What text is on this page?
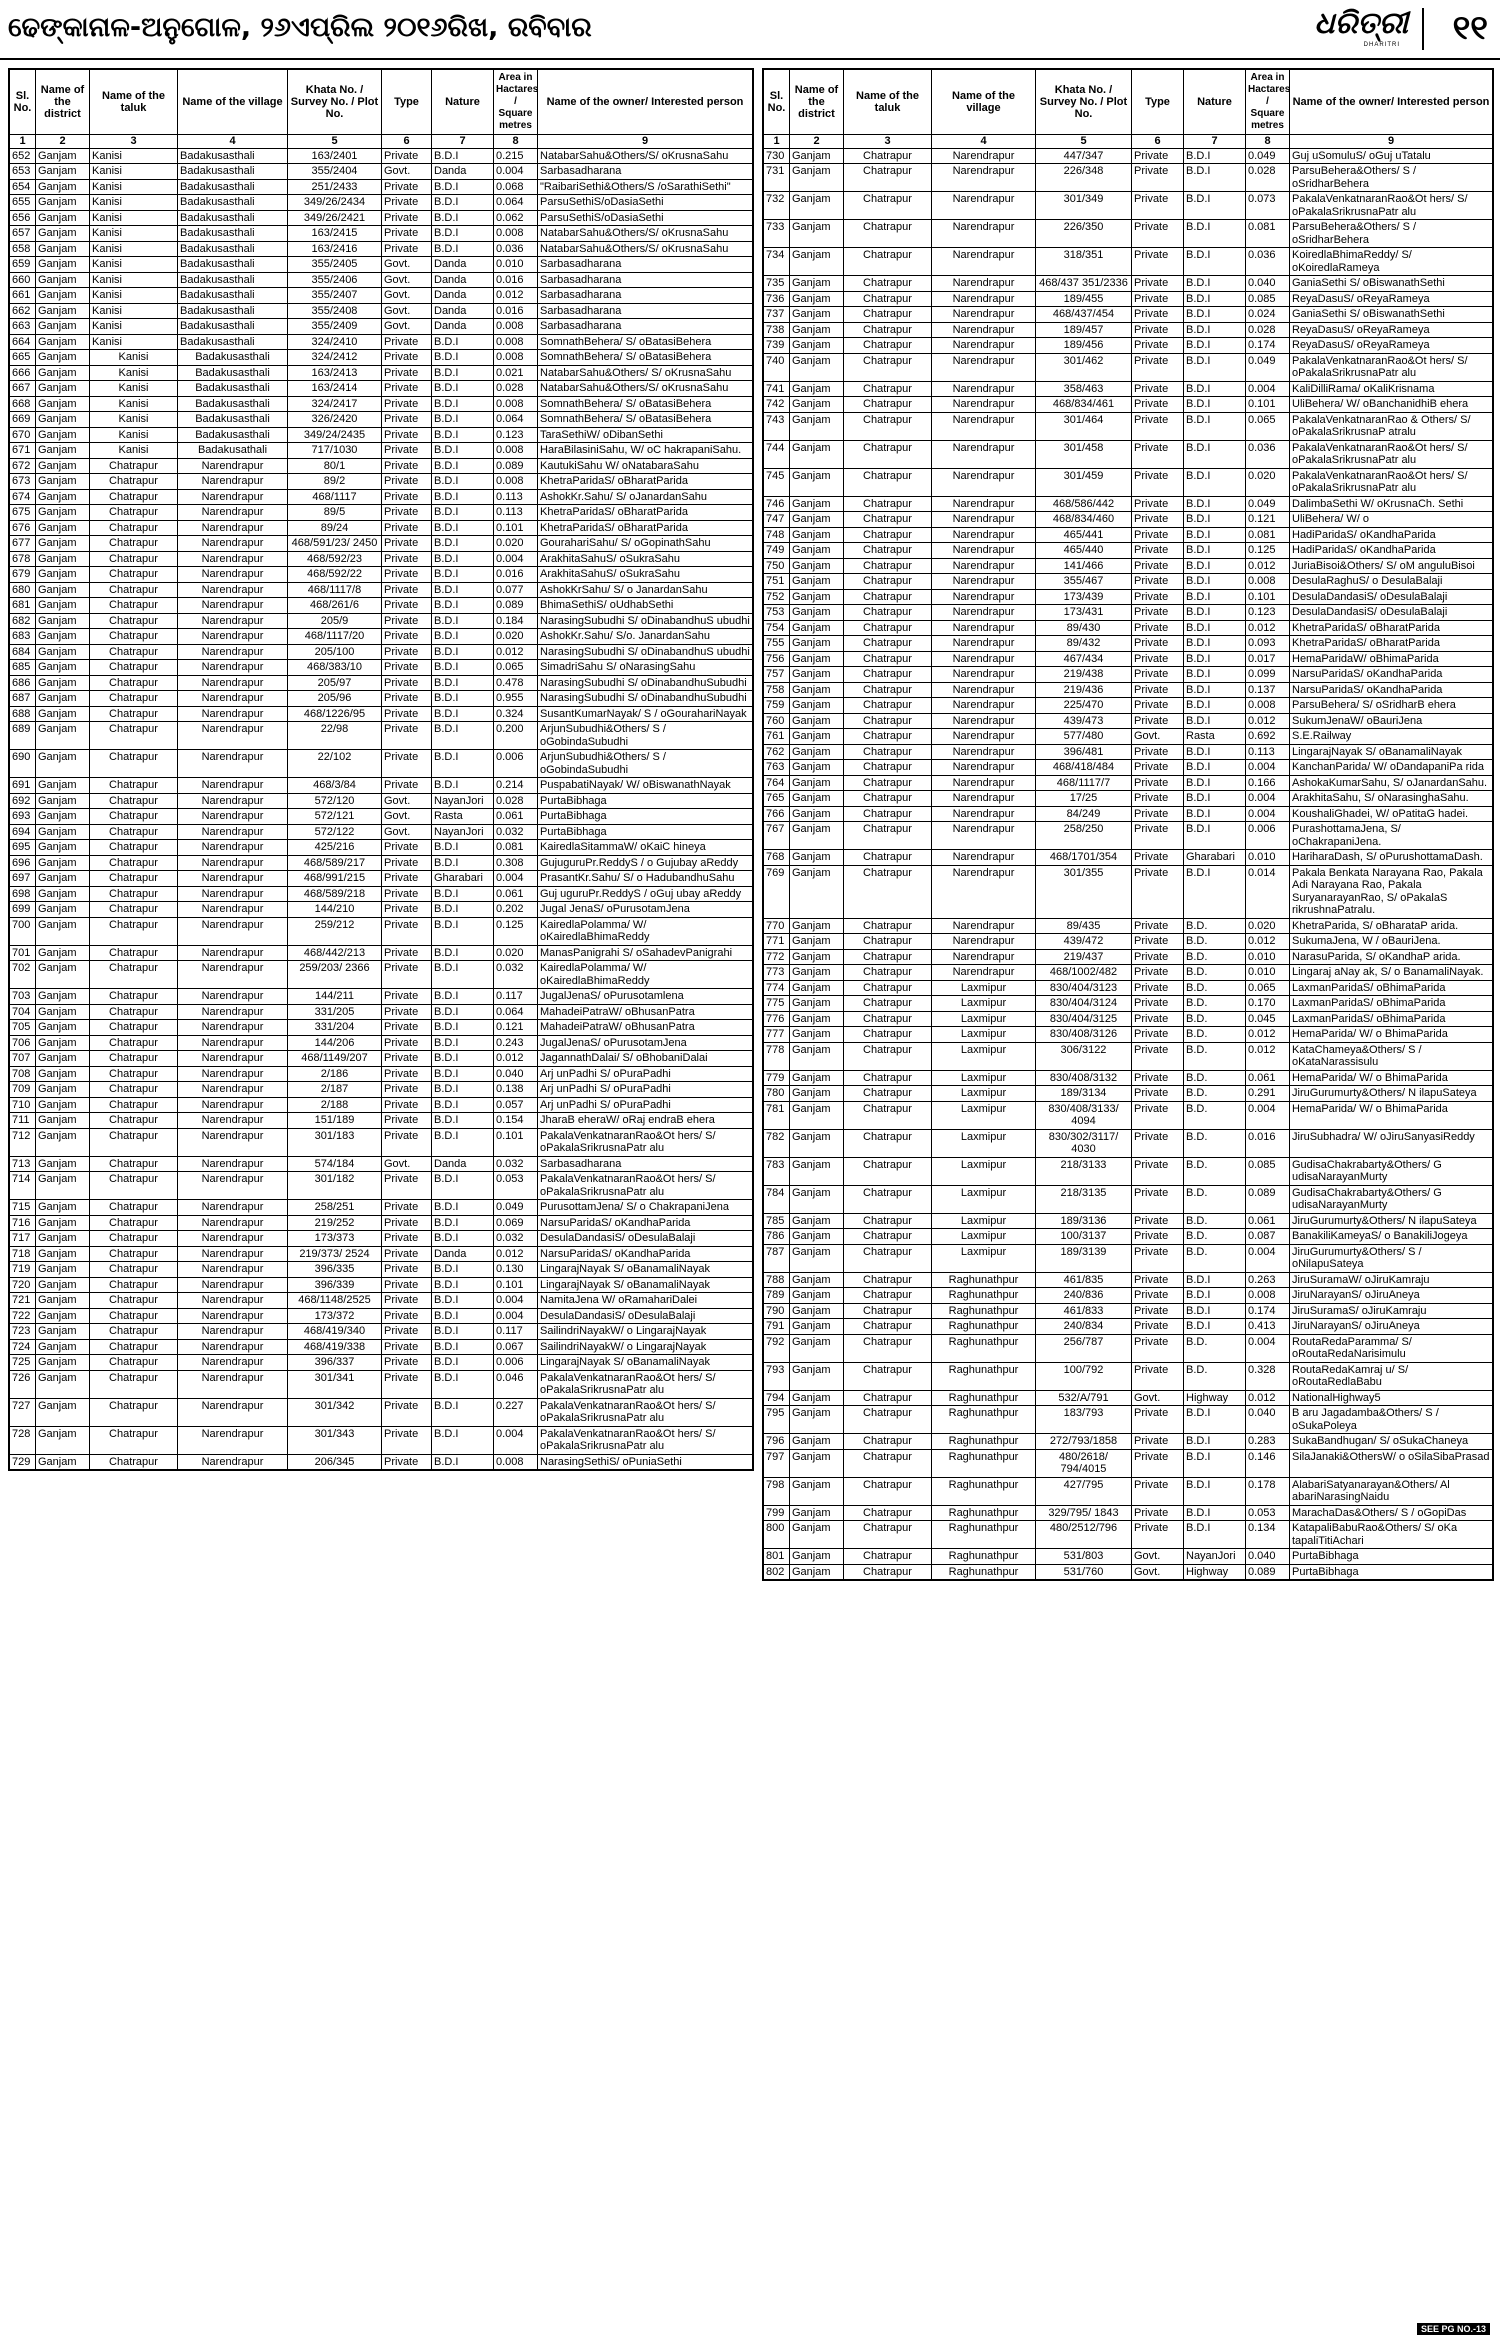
ଢେଙ୍କାନାଳ-ଅନୁଗୋଳ, ୨୬ଏପ୍ରିଲ ୨୦୧୬ରିଖ, ରବିବାର	ଧରିତ୍ରୀ
DHARITRI ୧୧
Sl. No.	Name of the district	Name of the taluk	Name of the village	Khata No. / Survey No. / Plot No.	Type	Nature	Area in Hactares / Square metres	Name of the owner/ Interested person
1	2	3	4	5	6	7	8	9
652	Ganjam	Kanisi	Badakusasthali	163/2401	Private	B.D.I	0.215	NatabarSahu&Others/S/ oKrusnaSahu
653	Ganjam	Kanisi	Badakusasthali	355/2404	Govt.	Danda	0.004	Sarbasadharana
654	Ganjam	Kanisi	Badakusasthali	251/2433	Private	B.D.I	0.068	"RaibariSethi&Others/S /oSarathiSethi"
655	Ganjam	Kanisi	Badakusasthali	349/26/2434	Private	B.D.I	0.064	ParsuSethiS/oDasiaSethi
656	Ganjam	Kanisi	Badakusasthali	349/26/2421	Private	B.D.I	0.062	ParsuSethiS/oDasiaSethi
657	Ganjam	Kanisi	Badakusasthali	163/2415	Private	B.D.I	0.008	NatabarSahu&Others/S/ oKrusnaSahu
658	Ganjam	Kanisi	Badakusasthali	163/2416	Private	B.D.I	0.036	NatabarSahu&Others/S/ oKrusnaSahu
659	Ganjam	Kanisi	Badakusasthali	355/2405	Govt.	Danda	0.010	Sarbasadharana
660	Ganjam	Kanisi	Badakusasthali	355/2406	Govt.	Danda	0.016	Sarbasadharana
661	Ganjam	Kanisi	Badakusasthali	355/2407	Govt.	Danda	0.012	Sarbasadharana
662	Ganjam	Kanisi	Badakusasthali	355/2408	Govt.	Danda	0.016	Sarbasadharana
663	Ganjam	Kanisi	Badakusasthali	355/2409	Govt.	Danda	0.008	Sarbasadharana
664	Ganjam	Kanisi	Badakusasthali	324/2410	Private	B.D.I	0.008	SomnathBehera/ S/ oBatasiBehera
665	Ganjam	Kanisi	Badakusasthali	324/2412	Private	B.D.I	0.008	SomnathBehera/ S/ oBatasiBehera
666	Ganjam	Kanisi	Badakusasthali	163/2413	Private	B.D.I	0.021	NatabarSahu&Others/ S/ oKrusnaSahu
667	Ganjam	Kanisi	Badakusasthali	163/2414	Private	B.D.I	0.028	NatabarSahu&Others/S/ oKrusnaSahu
668	Ganjam	Kanisi	Badakusasthali	324/2417	Private	B.D.I	0.008	SomnathBehera/ S/ oBatasiBehera
669	Ganjam	Kanisi	Badakusasthali	326/2420	Private	B.D.I	0.064	SomnathBehera/ S/ oBatasiBehera
670	Ganjam	Kanisi	Badakusasthali	349/24/2435	Private	B.D.I	0.123	TaraSethiW/ oDibanSethi
671	Ganjam	Kanisi	Badakusathali	717/1030	Private	B.D.I	0.008	HaraBilasiniSahu, W/ oC hakrapaniSahu.
672	Ganjam	Chatrapur	Narendrapur	80/1	Private	B.D.I	0.089	KautukiSahu W/ oNatabaraSahu
673	Ganjam	Chatrapur	Narendrapur	89/2	Private	B.D.I	0.008	KhetraParidaS/ oBharatParida
674	Ganjam	Chatrapur	Narendrapur	468/1117	Private	B.D.I	0.113	AshokKr.Sahu/ S/ oJanardanSahu
675	Ganjam	Chatrapur	Narendrapur	89/5	Private	B.D.I	0.113	KhetraParidaS/ oBharatParida
676	Ganjam	Chatrapur	Narendrapur	89/24	Private	B.D.I	0.101	KhetraParidaS/ oBharatParida
677	Ganjam	Chatrapur	Narendrapur	468/591/23/ 2450	Private	B.D.I	0.020	GourahariSahu/ S/ oGopinathSahu
678	Ganjam	Chatrapur	Narendrapur	468/592/23	Private	B.D.I	0.004	ArakhitaSahuS/ oSukraSahu
679	Ganjam	Chatrapur	Narendrapur	468/592/22	Private	B.D.I	0.016	ArakhitaSahuS/ oSukraSahu
680	Ganjam	Chatrapur	Narendrapur	468/1117/8	Private	B.D.I	0.077	AshokKrSahu/ S/ o JanardanSahu
681	Ganjam	Chatrapur	Narendrapur	468/261/6	Private	B.D.I	0.089	BhimaSethiS/ oUdhabSethi
682	Ganjam	Chatrapur	Narendrapur	205/9	Private	B.D.I	0.184	NarasingSubudhi S/ oDinabandhuS ubudhi
683	Ganjam	Chatrapur	Narendrapur	468/1117/20	Private	B.D.I	0.020	AshokKr.Sahu/ S/o. JanardanSahu
684	Ganjam	Chatrapur	Narendrapur	205/100	Private	B.D.I	0.012	NarasingSubudhi S/ oDinabandhuS ubudhi
685	Ganjam	Chatrapur	Narendrapur	468/383/10	Private	B.D.I	0.065	SimadriSahu S/ oNarasingSahu
686	Ganjam	Chatrapur	Narendrapur	205/97	Private	B.D.I	0.478	NarasingSubudhi S/ oDinabandhuSubudhi
687	Ganjam	Chatrapur	Narendrapur	205/96	Private	B.D.I	0.955	NarasingSubudhi S/ oDinabandhuSubudhi
688	Ganjam	Chatrapur	Narendrapur	468/1226/95	Private	B.D.I	0.324	SusantKumarNayak/ S / oGourahariNayak
689	Ganjam	Chatrapur	Narendrapur	22/98	Private	B.D.I	0.200	ArjunSubudhi&Others/ S / oGobindaSubudhi
690	Ganjam	Chatrapur	Narendrapur	22/102	Private	B.D.I	0.006	ArjunSubudhi&Others/ S / oGobindaSubudhi
691	Ganjam	Chatrapur	Narendrapur	468/3/84	Private	B.D.I	0.214	PuspabatiNayak/ W/ oBiswanathNayak
692	Ganjam	Chatrapur	Narendrapur	572/120	Govt.	NayanJori	0.028	PurtaBibhaga
693	Ganjam	Chatrapur	Narendrapur	572/121	Govt.	Rasta	0.061	PurtaBibhaga
694	Ganjam	Chatrapur	Narendrapur	572/122	Govt.	NayanJori	0.032	PurtaBibhaga
695	Ganjam	Chatrapur	Narendrapur	425/216	Private	B.D.I	0.081	KairedlaSitammaW/ oKaiC hineya
696	Ganjam	Chatrapur	Narendrapur	468/589/217	Private	B.D.I	0.308	GujuguruPr.ReddyS / o Gujubay aReddy
697	Ganjam	Chatrapur	Narendrapur	468/991/215	Private	Gharabari	0.004	PrasantKr.Sahu/ S/ o HadubandhuSahu
698	Ganjam	Chatrapur	Narendrapur	468/589/218	Private	B.D.I	0.061	Guj uguruPr.ReddyS / oGuj ubay aReddy
699	Ganjam	Chatrapur	Narendrapur	144/210	Private	B.D.I	0.202	Jugal JenaS/ oPurusotamJena
700	Ganjam	Chatrapur	Narendrapur	259/212	Private	B.D.I	0.125	KairedlaPolamma/ W/ oKairedlaBhimaReddy
701	Ganjam	Chatrapur	Narendrapur	468/442/213	Private	B.D.I	0.020	ManasPanigrahi S/ oSahadevPanigrahi
702	Ganjam	Chatrapur	Narendrapur	259/203/ 2366	Private	B.D.I	0.032	KairedlaPolamma/ W/ oKairedlaBhimaReddy
703	Ganjam	Chatrapur	Narendrapur	144/211	Private	B.D.I	0.117	JugalJenaS/ oPurusotamlena
704	Ganjam	Chatrapur	Narendrapur	331/205	Private	B.D.I	0.064	MahadeiPatraW/ oBhusanPatra
705	Ganjam	Chatrapur	Narendrapur	331/204	Private	B.D.I	0.121	MahadeiPatraW/ oBhusanPatra
706	Ganjam	Chatrapur	Narendrapur	144/206	Private	B.D.I	0.243	JugalJenaS/ oPurusotamJena
707	Ganjam	Chatrapur	Narendrapur	468/1149/207	Private	B.D.I	0.012	JagannathDalai/ S/ oBhobaniDalai
708	Ganjam	Chatrapur	Narendrapur	2/186	Private	B.D.I	0.040	Arj unPadhi S/ oPuraPadhi
709	Ganjam	Chatrapur	Narendrapur	2/187	Private	B.D.I	0.138	Arj unPadhi S/ oPuraPadhi
710	Ganjam	Chatrapur	Narendrapur	2/188	Private	B.D.I	0.057	Arj unPadhi S/ oPuraPadhi
711	Ganjam	Chatrapur	Narendrapur	151/189	Private	B.D.I	0.154	JharaB eheraW/ oRaj endraB ehera
712	Ganjam	Chatrapur	Narendrapur	301/183	Private	B.D.I	0.101	PakalaVenkatnaranRao&Ot hers/ S/ oPakalaSrikrusnaPatr alu
713	Ganjam	Chatrapur	Narendrapur	574/184	Govt.	Danda	0.032	Sarbasadharana
714	Ganjam	Chatrapur	Narendrapur	301/182	Private	B.D.I	0.053	PakalaVenkatnaranRao&Ot hers/ S/ oPakalaSrikrusnaPatr alu
715	Ganjam	Chatrapur	Narendrapur	258/251	Private	B.D.I	0.049	PurusottamJena/ S/ o ChakrapaniJena
716	Ganjam	Chatrapur	Narendrapur	219/252	Private	B.D.I	0.069	NarsuParidaS/ oKandhaParida
717	Ganjam	Chatrapur	Narendrapur	173/373	Private	B.D.I	0.032	DesulaDandasiS/ oDesulaBalaji
718	Ganjam	Chatrapur	Narendrapur	219/373/ 2524	Private	Danda	0.012	NarsuParidaS/ oKandhaParida
719	Ganjam	Chatrapur	Narendrapur	396/335	Private	B.D.I	0.130	LingarajNayak S/ oBanamaliNayak
720	Ganjam	Chatrapur	Narendrapur	396/339	Private	B.D.I	0.101	LingarajNayak S/ oBanamaliNayak
721	Ganjam	Chatrapur	Narendrapur	468/1148/2525	Private	B.D.I	0.004	NamitaJena W/ oRamahariDalei
722	Ganjam	Chatrapur	Narendrapur	173/372	Private	B.D.I	0.004	DesulaDandasiS/ oDesulaBalaji
723	Ganjam	Chatrapur	Narendrapur	468/419/340	Private	B.D.I	0.117	SailindriNayakW/ o LingarajNayak
724	Ganjam	Chatrapur	Narendrapur	468/419/338	Private	B.D.I	0.067	SailindriNayakW/ o LingarajNayak
725	Ganjam	Chatrapur	Narendrapur	396/337	Private	B.D.I	0.006	LingarajNayak S/ oBanamaliNayak
726	Ganjam	Chatrapur	Narendrapur	301/341	Private	B.D.I	0.046	PakalaVenkatnaranRao&Ot hers/ S/ oPakalaSrikrusnaPatr alu
727	Ganjam	Chatrapur	Narendrapur	301/342	Private	B.D.I	0.227	PakalaVenkatnaranRao&Ot hers/ S/ oPakalaSrikrusnaPatr alu
728	Ganjam	Chatrapur	Narendrapur	301/343	Private	B.D.I	0.004	PakalaVenkatnaranRao&Ot hers/ S/ oPakalaSrikrusnaPatr alu
729	Ganjam	Chatrapur	Narendrapur	206/345	Private	B.D.I	0.008	NarasingSethiS/ oPuniaSethi
Sl. No.	Name of the district	Name of the taluk	Name of the village	Khata No. / Survey No. / Plot No.	Type	Nature	Area in Hactares / Square metres	Name of the owner/ Interested person
1	2	3	4	5	6	7	8	9
730	Ganjam	Chatrapur	Narendrapur	447/347	Private	B.D.I	0.049	Guj uSomuluS/ oGuj uTatalu
731	Ganjam	Chatrapur	Narendrapur	226/348	Private	B.D.I	0.028	ParsuBehera&Others/ S / oSridharBehera
732	Ganjam	Chatrapur	Narendrapur	301/349	Private	B.D.I	0.073	PakalaVenkatnaranRao&Ot hers/ S/ oPakalaSrikrusnaPatr alu
733	Ganjam	Chatrapur	Narendrapur	226/350	Private	B.D.I	0.081	ParsuBehera&Others/ S / oSridharBehera
734	Ganjam	Chatrapur	Narendrapur	318/351	Private	B.D.I	0.036	KoiredlaBhimaReddy/ S/ oKoiredlaRameya
735	Ganjam	Chatrapur	Narendrapur	468/437 351/2336	Private	B.D.I	0.040	GaniaSethi S/ oBiswanathSethi
736	Ganjam	Chatrapur	Narendrapur	189/455	Private	B.D.I	0.085	ReyaDasuS/ oReyaRameya
737	Ganjam	Chatrapur	Narendrapur	468/437/454	Private	B.D.I	0.024	GaniaSethi S/ oBiswanathSethi
738	Ganjam	Chatrapur	Narendrapur	189/457	Private	B.D.I	0.028	ReyaDasuS/ oReyaRameya
739	Ganjam	Chatrapur	Narendrapur	189/456	Private	B.D.I	0.174	ReyaDasuS/ oReyaRameya
740	Ganjam	Chatrapur	Narendrapur	301/462	Private	B.D.I	0.049	PakalaVenkatnaranRao&Ot hers/ S/ oPakalaSrikrusnaPatr alu
741	Ganjam	Chatrapur	Narendrapur	358/463	Private	B.D.I	0.004	KaliDilliRama/ oKaliKrisnama
742	Ganjam	Chatrapur	Narendrapur	468/834/461	Private	B.D.I	0.101	UliBehera/ W/ oBanchanidhiB ehera
743	Ganjam	Chatrapur	Narendrapur	301/464	Private	B.D.I	0.065	PakalaVenkatnaranRao & Others/ S/ oPakalaSrikrusnaP atralu
744	Ganjam	Chatrapur	Narendrapur	301/458	Private	B.D.I	0.036	PakalaVenkatnaranRao&Ot hers/ S/ oPakalaSrikrusnaPatr alu
745	Ganjam	Chatrapur	Narendrapur	301/459	Private	B.D.I	0.020	PakalaVenkatnaranRao&Ot hers/ S/ oPakalaSrikrusnaPatr alu
746	Ganjam	Chatrapur	Narendrapur	468/586/442	Private	B.D.I	0.049	DalimbaSethi W/ oKrusnaCh. Sethi
747	Ganjam	Chatrapur	Narendrapur	468/834/460	Private	B.D.I	0.121	UliBehera/ W/ o
748	Ganjam	Chatrapur	Narendrapur	465/441	Private	B.D.I	0.081	HadiParidaS/ oKandhaParida
749	Ganjam	Chatrapur	Narendrapur	465/440	Private	B.D.I	0.125	HadiParidaS/ oKandhaParida
750	Ganjam	Chatrapur	Narendrapur	141/466	Private	B.D.I	0.012	JuriaBisoi&Others/ S/ oM anguluBisoi
751	Ganjam	Chatrapur	Narendrapur	355/467	Private	B.D.I	0.008	DesulaRaghuS/ o DesulaBalaji
752	Ganjam	Chatrapur	Narendrapur	173/439	Private	B.D.I	0.101	DesulaDandasiS/ oDesulaBalaji
753	Ganjam	Chatrapur	Narendrapur	173/431	Private	B.D.I	0.123	DesulaDandasiS/ oDesulaBalaji
754	Ganjam	Chatrapur	Narendrapur	89/430	Private	B.D.I	0.012	KhetraParidaS/ oBharatParida
755	Ganjam	Chatrapur	Narendrapur	89/432	Private	B.D.I	0.093	KhetraParidaS/ oBharatParida
756	Ganjam	Chatrapur	Narendrapur	467/434	Private	B.D.I	0.017	HemaParidaW/ oBhimaParida
757	Ganjam	Chatrapur	Narendrapur	219/438	Private	B.D.I	0.099	NarsuParidaS/ oKandhaParida
758	Ganjam	Chatrapur	Narendrapur	219/436	Private	B.D.I	0.137	NarsuParidaS/ oKandhaParida
759	Ganjam	Chatrapur	Narendrapur	225/470	Private	B.D.I	0.008	ParsuBehera/ S/ oSridharB ehera
760	Ganjam	Chatrapur	Narendrapur	439/473	Private	B.D.I	0.012	SukumJenaW/ oBauriJena
761	Ganjam	Chatrapur	Narendrapur	577/480	Govt.	Rasta	0.692	S.E.Railway
762	Ganjam	Chatrapur	Narendrapur	396/481	Private	B.D.I	0.113	LingarajNayak S/ oBanamaliNayak
763	Ganjam	Chatrapur	Narendrapur	468/418/484	Private	B.D.I	0.004	KanchanParida/ W/ oDandapaniPa rida
764	Ganjam	Chatrapur	Narendrapur	468/1117/7	Private	B.D.I	0.166	AshokaKumarSahu, S/ oJanardanSahu.
765	Ganjam	Chatrapur	Narendrapur	17/25	Private	B.D.I	0.004	ArakhitaSahu, S/ oNarasinghaSahu.
766	Ganjam	Chatrapur	Narendrapur	84/249	Private	B.D.I	0.004	KoushaliGhadei, W/ oPatitaG hadei.
767	Ganjam	Chatrapur	Narendrapur	258/250	Private	B.D.I	0.006	PurashottamaJena, S/ oChakrapaniJena.
768	Ganjam	Chatrapur	Narendrapur	468/1701/354	Private	Gharabari	0.010	HariharaDash, S/ oPurushottamaDash.
769	Ganjam	Chatrapur	Narendrapur	301/355	Private	B.D.I	0.014	Pakala Benkata Narayana Rao, Pakala Adi Narayana Rao, Pakala SuryanarayanRao, S/ oPakalaS rikrushnaPatralu.
770	Ganjam	Chatrapur	Narendrapur	89/435	Private	B.D.	0.020	KhetraParida, S/ oBharataP arida.
771	Ganjam	Chatrapur	Narendrapur	439/472	Private	B.D.	0.012	SukumaJena, W / oBauriJena.
772	Ganjam	Chatrapur	Narendrapur	219/437	Private	B.D.	0.010	NarasuParida, S/ oKandhaP arida.
773	Ganjam	Chatrapur	Narendrapur	468/1002/482	Private	B.D.	0.010	Lingaraj aNay ak, S/ o BanamaliNayak.
774	Ganjam	Chatrapur	Laxmipur	830/404/3123	Private	B.D.	0.065	LaxmanParidaS/ oBhimaParida
775	Ganjam	Chatrapur	Laxmipur	830/404/3124	Private	B.D.	0.170	LaxmanParidaS/ oBhimaParida
776	Ganjam	Chatrapur	Laxmipur	830/404/3125	Private	B.D.	0.045	LaxmanParidaS/ oBhimaParida
777	Ganjam	Chatrapur	Laxmipur	830/408/3126	Private	B.D.	0.012	HemaParida/ W/ o BhimaParida
778	Ganjam	Chatrapur	Laxmipur	306/3122	Private	B.D.	0.012	KataChameya&Others/ S / oKataNarassisulu
779	Ganjam	Chatrapur	Laxmipur	830/408/3132	Private	B.D.	0.061	HemaParida/ W/ o BhimaParida
780	Ganjam	Chatrapur	Laxmipur	189/3134	Private	B.D.	0.291	JiruGurumurty&Others/ N ilapuSateya
781	Ganjam	Chatrapur	Laxmipur	830/408/3133/ 4094	Private	B.D.	0.004	HemaParida/ W/ o BhimaParida
782	Ganjam	Chatrapur	Laxmipur	830/302/3117/ 4030	Private	B.D.	0.016	JiruSubhadra/ W/ oJiruSanyasiReddy
783	Ganjam	Chatrapur	Laxmipur	218/3133	Private	B.D.	0.085	GudisaChakrabarty&Others/ G udisaNarayanMurty
784	Ganjam	Chatrapur	Laxmipur	218/3135	Private	B.D.	0.089	GudisaChakrabarty&Others/ G udisaNarayanMurty
785	Ganjam	Chatrapur	Laxmipur	189/3136	Private	B.D.	0.061	JiruGurumurty&Others/ N ilapuSateya
786	Ganjam	Chatrapur	Laxmipur	100/3137	Private	B.D.	0.087	BanakiliKameyaS/ o BanakiliJogeya
787	Ganjam	Chatrapur	Laxmipur	189/3139	Private	B.D.	0.004	JiruGurumurty&Others/ S / oNilapuSateya
788	Ganjam	Chatrapur	Raghunathpur	461/835	Private	B.D.I	0.263	JiruSuramaW/ oJiruKamraju
789	Ganjam	Chatrapur	Raghunathpur	240/836	Private	B.D.I	0.008	JiruNarayanS/ oJiruAneya
790	Ganjam	Chatrapur	Raghunathpur	461/833	Private	B.D.I	0.174	JiruSuramaS/ oJiruKamraju
791	Ganjam	Chatrapur	Raghunathpur	240/834	Private	B.D.I	0.413	JiruNarayanS/ oJiruAneya
792	Ganjam	Chatrapur	Raghunathpur	256/787	Private	B.D.	0.004	RoutaRedaParamma/ S/ oRoutaRedaNarisimulu
793	Ganjam	Chatrapur	Raghunathpur	100/792	Private	B.D.	0.328	RoutaRedaKamraj u/ S/ oRoutaRedlaBabu
794	Ganjam	Chatrapur	Raghunathpur	532/A/791	Govt.	Highway	0.012	NationalHighway5
795	Ganjam	Chatrapur	Raghunathpur	183/793	Private	B.D.I	0.040	B aru Jagadamba&Others/ S / oSukaPoleya
796	Ganjam	Chatrapur	Raghunathpur	272/793/1858	Private	B.D.I	0.283	SukaBandhugan/ S/ oSukaChaneya
797	Ganjam	Chatrapur	Raghunathpur	480/2618/ 794/4015	Private	B.D.I	0.146	SilaJanaki&OthersW/ o oSilaSibaPrasad
798	Ganjam	Chatrapur	Raghunathpur	427/795	Private	B.D.I	0.178	AlabariSatyanarayan&Others/ Al abariNarasingNaidu
799	Ganjam	Chatrapur	Raghunathpur	329/795/ 1843	Private	B.D.I	0.053	MarachaDas&Others/ S / oGopiDas
800	Ganjam	Chatrapur	Raghunathpur	480/2512/796	Private	B.D.I	0.134	KatapaliBabuRao&Others/ S/ oKa tapaliTitiAchari
801	Ganjam	Chatrapur	Raghunathpur	531/803	Govt.	NayanJori	0.040	PurtaBibhaga
802	Ganjam	Chatrapur	Raghunathpur	531/760	Govt.	Highway	0.089	PurtaBibhaga
SEE PG NO.-13
